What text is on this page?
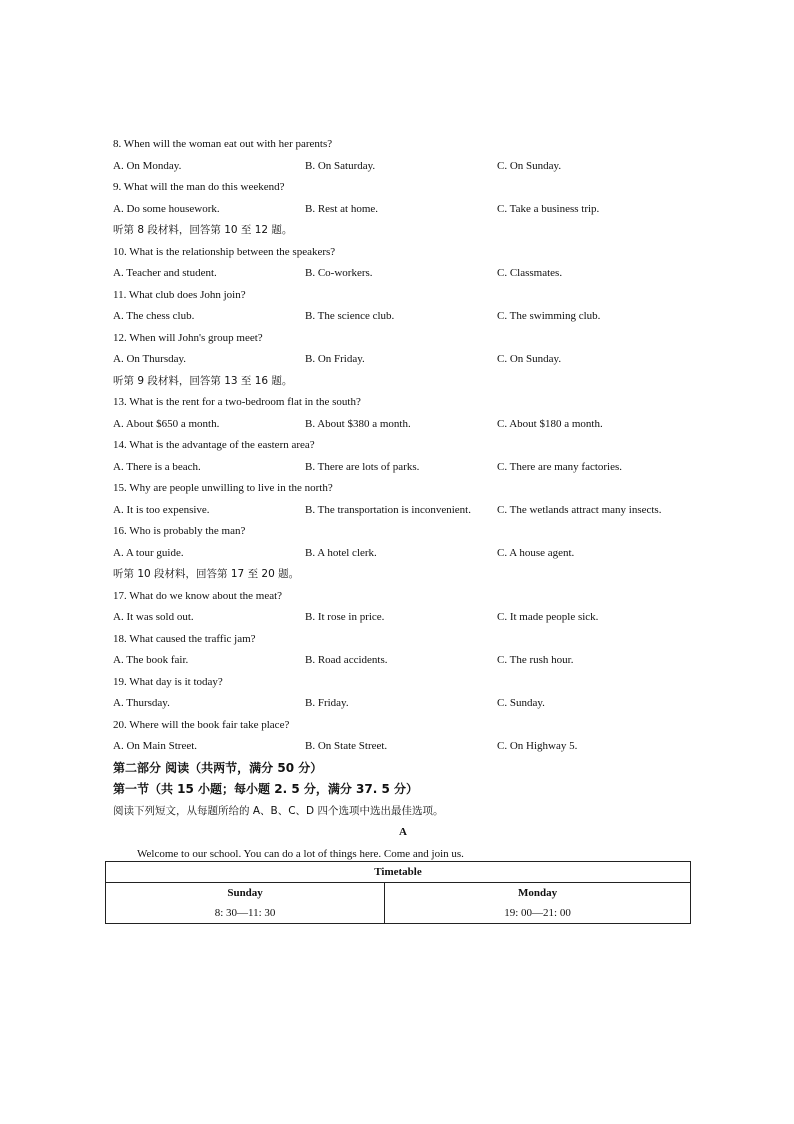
8. When will the woman eat out with her parents?
A. On Monday.	B. On Saturday.	C. On Sunday.
9. What will the man do this weekend?
A. Do some housework.	B. Rest at home.	C. Take a business trip.
听第 8 段材料，回答第 10 至 12 题。
10. What is the relationship between the speakers?
A. Teacher and student.	B. Co-workers.	C. Classmates.
11. What club does John join?
A. The chess club.	B. The science club.	C. The swimming club.
12. When will John's group meet?
A. On Thursday.	B. On Friday.	C. On Sunday.
听第 9 段材料，回答第 13 至 16 题。
13. What is the rent for a two-bedroom flat in the south?
A. About $650 a month.	B. About $380 a month.	C. About $180 a month.
14. What is the advantage of the eastern area?
A. There is a beach.	B. There are lots of parks.	C. There are many factories.
15. Why are people unwilling to live in the north?
A. It is too expensive.	B. The transportation is inconvenient. C. The wetlands attract many insects.
16. Who is probably the man?
A. A tour guide.	B. A hotel clerk.	C. A house agent.
听第 10 段材料，回答第 17 至 20 题。
17. What do we know about the meat?
A. It was sold out.	B. It rose in price.	C. It made people sick.
18. What caused the traffic jam?
A. The book fair.	B. Road accidents.	C. The rush hour.
19. What day is it today?
A. Thursday.	B. Friday.	C. Sunday.
20. Where will the book fair take place?
A. On Main Street.	B. On State Street.	C. On Highway 5.
第二部分 阅读（共两节，满分 50 分）
第一节（共 15 小题；每小题 2. 5 分，满分 37. 5 分）
阅读下列短文，从每题所给的 A、B、C、D 四个选项中选出最佳选项。
A
Welcome to our school. You can do a lot of things here. Come and join us.
Timetable	
Sunday	Monday
8: 30—11: 30	19: 00—21: 00
